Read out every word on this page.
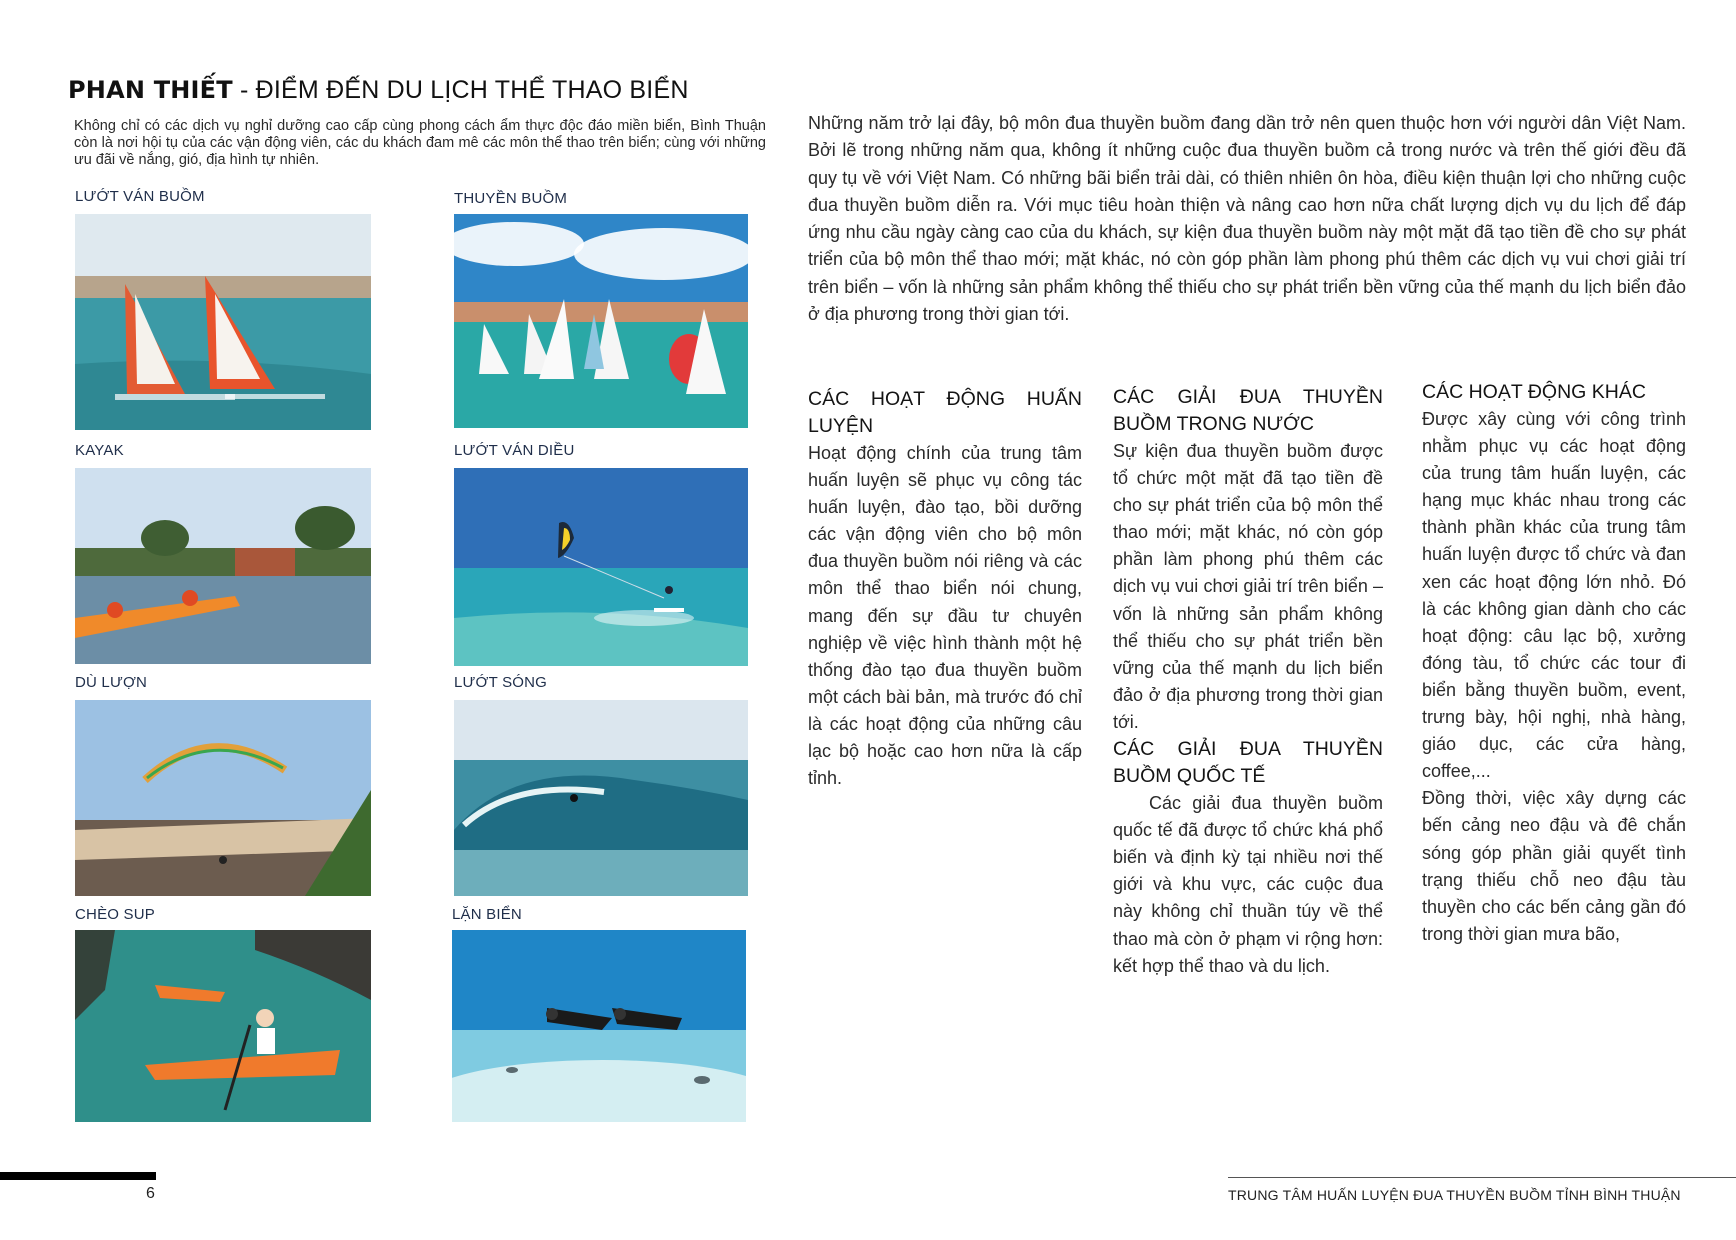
PHAN THIẾT - ĐIỂM ĐẾN DU LỊCH THỂ THAO BIỂN

Không chỉ có các dịch vụ nghỉ dưỡng cao cấp cùng phong cách ẩm thực độc đáo miền biển, Bình Thuận còn là nơi hội tụ của các vận động viên, các du khách đam mê các môn thể thao trên biển; cùng với những ưu đãi về nắng, gió, địa hình tự nhiên.

LƯỚT VÁN BUỒM	THUYỀN BUỒM
KAYAK	LƯỚT VÁN DIỀU
DÙ LƯỢN	LƯỚT SÓNG
CHÈO SUP	LẶN BIỂN

Những năm trở lại đây, bộ môn đua thuyền buồm đang dần trở nên quen thuộc hơn với người dân Việt Nam. Bởi lẽ trong những năm qua, không ít những cuộc đua thuyền buồm cả trong nước và trên thế giới đều đã quy tụ về với Việt Nam. Có những bãi biển trải dài, có thiên nhiên ôn hòa, điều kiện thuận lợi cho những cuộc đua thuyền buồm diễn ra. Với mục tiêu hoàn thiện và nâng cao hơn nữa chất lượng dịch vụ du lịch để đáp ứng nhu cầu ngày càng cao của du khách, sự kiện đua thuyền buồm này một mặt đã tạo tiền đề cho sự phát triển của bộ môn thể thao mới; mặt khác, nó còn góp phần làm phong phú thêm các dịch vụ vui chơi giải trí trên biển – vốn là những sản phẩm không thể thiếu cho sự phát triển bền vững của thế mạnh du lịch biển đảo ở địa phương trong thời gian tới.

CÁC HOẠT ĐỘNG HUẤN LUYỆN

Hoạt động chính của trung tâm huấn luyện sẽ phục vụ công tác huấn luyện, đào tạo, bồi dưỡng các vận động viên cho bộ môn đua thuyền buồm nói riêng và các môn thể thao biển nói chung, mang đến sự đầu tư chuyên nghiệp về việc hình thành một hệ thống đào tạo đua thuyền buồm một cách bài bản, mà trước đó chỉ là các hoạt động của những câu lạc bộ hoặc cao hơn nữa là cấp tỉnh.

CÁC GIẢI ĐUA THUYỀN BUỒM TRONG NƯỚC

Sự kiện đua thuyền buồm được tổ chức một mặt đã tạo tiền đề cho sự phát triển của bộ môn thể thao mới; mặt khác, nó còn góp phần làm phong phú thêm các dịch vụ vui chơi giải trí trên biển – vốn là những sản phẩm không thể thiếu cho sự phát triển bền vững của thế mạnh du lịch biển đảo ở địa phương trong thời gian tới.

CÁC GIẢI ĐUA THUYỀN BUỒM QUỐC TẾ

Các giải đua thuyền buồm quốc tế đã được tổ chức khá phổ biến và định kỳ tại nhiều nơi thế giới và khu vực, các cuộc đua này không chỉ thuần túy về thể thao mà còn ở phạm vi rộng hơn: kết hợp thể thao và du lịch.

CÁC HOẠT ĐỘNG KHÁC

Được xây cùng với công trình nhằm phục vụ các hoạt động của trung tâm huấn luyện, các hạng mục khác nhau trong các thành phần khác của trung tâm huấn luyện được tổ chức và đan xen các hoạt động lớn nhỏ. Đó là các không gian dành cho các hoạt động: câu lạc bộ, xưởng đóng tàu, tổ chức các tour đi biển bằng thuyền buồm, event, trưng bày, hội nghị, nhà hàng, giáo dục, các cửa hàng, coffee,...

Đồng thời, việc xây dựng các bến cảng neo đậu và đê chắn sóng góp phần giải quyết tình trạng thiếu chỗ neo đậu tàu thuyền cho các bến cảng gần đó trong thời gian mưa bão,

6	TRUNG TÂM HUẤN LUYỆN ĐUA THUYỀN BUỒM TỈNH BÌNH THUẬN
